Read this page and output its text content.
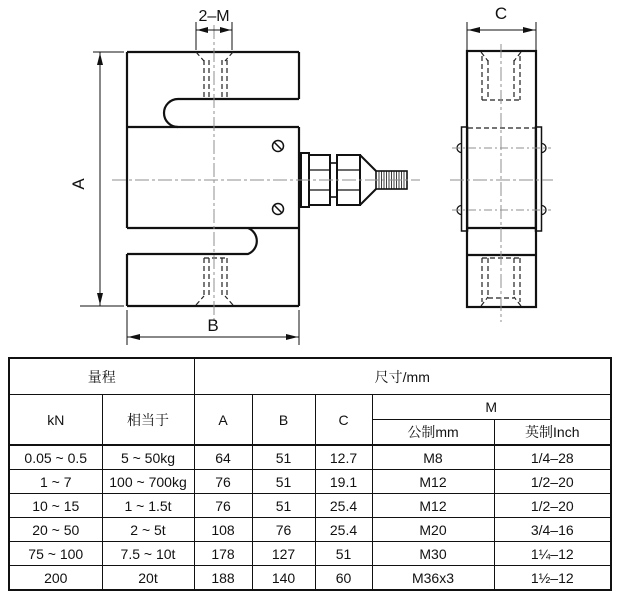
2–M
A
B
C
量程		尺寸/mm				
kN	相当于	A	B	C	M	
					公制mm	英制Inch
0.05 ~ 0.5	5 ~ 50kg	64	51	12.7	M8	1/4–28
1 ~ 7	100 ~ 700kg	76	51	19.1	M12	1/2–20
10 ~ 15	1 ~ 1.5t	76	51	25.4	M12	1/2–20
20 ~ 50	2 ~ 5t	108	76	25.4	M20	3/4–16
75 ~ 100	7.5 ~ 10t	178	127	51	M30	1¼–12
200	20t	188	140	60	M36x3	1½–12
